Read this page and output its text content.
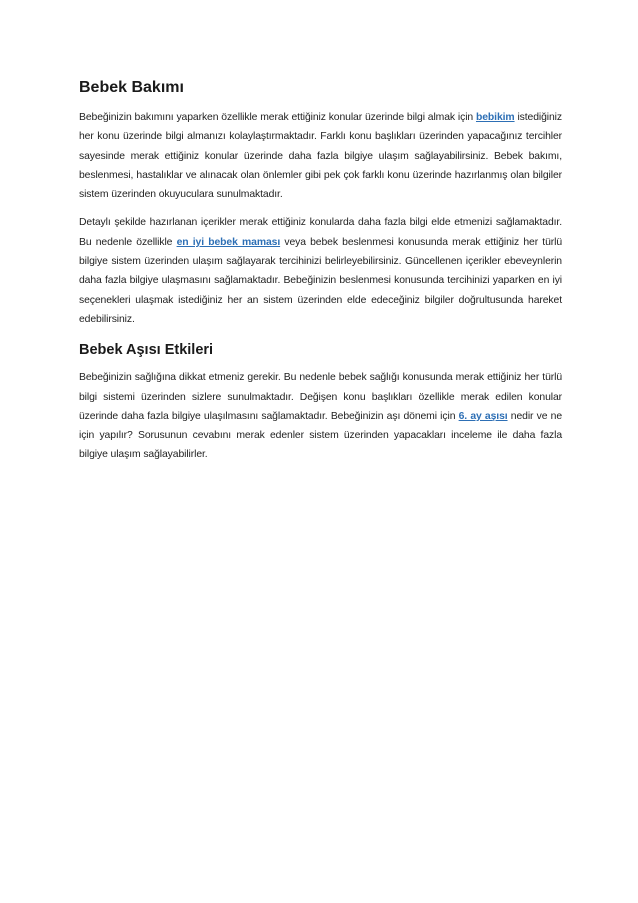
Bebek Bakımı

Bebeğinizin bakımını yaparken özellikle merak ettiğiniz konular üzerinde bilgi almak için bebikim istediğiniz her konu üzerinde bilgi almanızı kolaylaştırmaktadır. Farklı konu başlıkları üzerinden yapacağınız tercihler sayesinde merak ettiğiniz konular üzerinde daha fazla bilgiye ulaşım sağlayabilirsiniz. Bebek bakımı, beslenmesi, hastalıklar ve alınacak olan önlemler gibi pek çok farklı konu üzerinde hazırlanmış olan bilgiler sistem üzerinden okuyuculara sunulmaktadır.

Detaylı şekilde hazırlanan içerikler merak ettiğiniz konularda daha fazla bilgi elde etmenizi sağlamaktadır. Bu nedenle özellikle en iyi bebek maması veya bebek beslenmesi konusunda merak ettiğiniz her türlü bilgiye sistem üzerinden ulaşım sağlayarak tercihinizi belirleyebilirsiniz. Güncellenen içerikler ebeveynlerin daha fazla bilgiye ulaşmasını sağlamaktadır. Bebeğinizin beslenmesi konusunda tercihinizi yaparken en iyi seçenekleri ulaşmak istediğiniz her an sistem üzerinden elde edeceğiniz bilgiler doğrultusunda hareket edebilirsiniz.

Bebek Aşısı Etkileri

Bebeğinizin sağlığına dikkat etmeniz gerekir. Bu nedenle bebek sağlığı konusunda merak ettiğiniz her türlü bilgi sistemi üzerinden sizlere sunulmaktadır. Değişen konu başlıkları özellikle merak edilen konular üzerinde daha fazla bilgiye ulaşılmasını sağlamaktadır. Bebeğinizin aşı dönemi için 6. ay aşısı nedir ve ne için yapılır? Sorusunun cevabını merak edenler sistem üzerinden yapacakları inceleme ile daha fazla bilgiye ulaşım sağlayabilirler.
